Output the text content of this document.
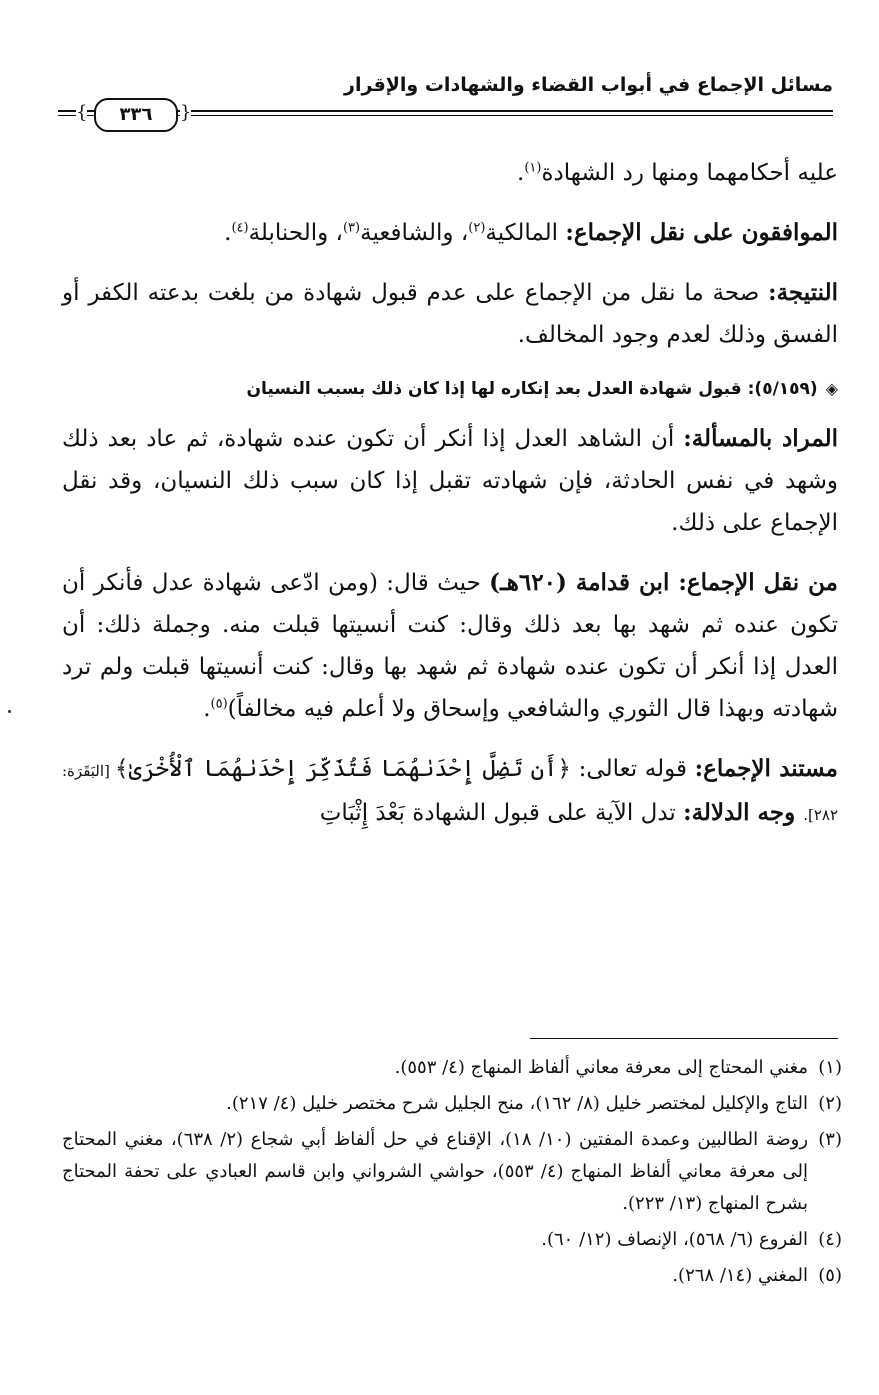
مسائل الإجماع في أبواب القضاء والشهادات والإقرار
{	٣٣٦	}

عليه أحكامهما ومنها رد الشهادة$^{(١)}$.

الموافقون على نقل الإجماع: المالكية$^{(٢)}$، والشافعية$^{(٣)}$، والحنابلة$^{(٤)}$.

النتيجة: صحة ما نقل من الإجماع على عدم قبول شهادة من بلغت بدعته الكفر أو الفسق وذلك لعدم وجود المخالف.

◈(٥/١٥٩): قبول شهادة العدل بعد إنكاره لها إذا كان ذلك بسبب النسيان

المراد بالمسألة: أن الشاهد العدل إذا أنكر أن تكون عنده شهادة، ثم عاد بعد ذلك وشهد في نفس الحادثة، فإن شهادته تقبل إذا كان سبب ذلك النسيان، وقد نقل الإجماع على ذلك.

من نقل الإجماع: ابن قدامة (٦٢٠هـ) حيث قال: (ومن ادّعى شهادة عدل فأنكر أن تكون عنده ثم شهد بها بعد ذلك وقال: كنت أنسيتها قبلت منه. وجملة ذلك: أن العدل إذا أنكر أن تكون عنده شهادة ثم شهد بها وقال: كنت أنسيتها قبلت ولم ترد شهادته وبهذا قال الثوري والشافعي وإسحاق ولا أعلم فيه مخالفاً)$^{(٥)}$.

مستند الإجماع: قوله تعالى: ﴿أَن تَضِلَّ إِحْدَىٰهُمَا فَتُذَكِّرَ إِحْدَىٰهُمَا ٱلْأُخْرَىٰ﴾ [البَقَرَة: ٢٨٢]. وجه الدلالة: تدل الآية على قبول الشهادة بَعْدَ إِثْبَاتِ

(١)
مغني المحتاج إلى معرفة معاني ألفاظ المنهاج (٤/ ٥٥٣).
(٢)
التاج والإكليل لمختصر خليل (٨/ ١٦٢)، منح الجليل شرح مختصر خليل (٤/ ٢١٧).
(٣)
روضة الطالبين وعمدة المفتين (١٠/ ١٨)، الإقناع في حل ألفاظ أبي شجاع (٢/ ٦٣٨)، مغني المحتاج إلى معرفة معاني ألفاظ المنهاج (٤/ ٥٥٣)، حواشي الشرواني وابن قاسم العبادي على تحفة المحتاج بشرح المنهاج (١٣/ ٢٢٣).
(٤)
الفروع (٦/ ٥٦٨)، الإنصاف (١٢/ ٦٠).
(٥)
المغني (١٤/ ٢٦٨).
